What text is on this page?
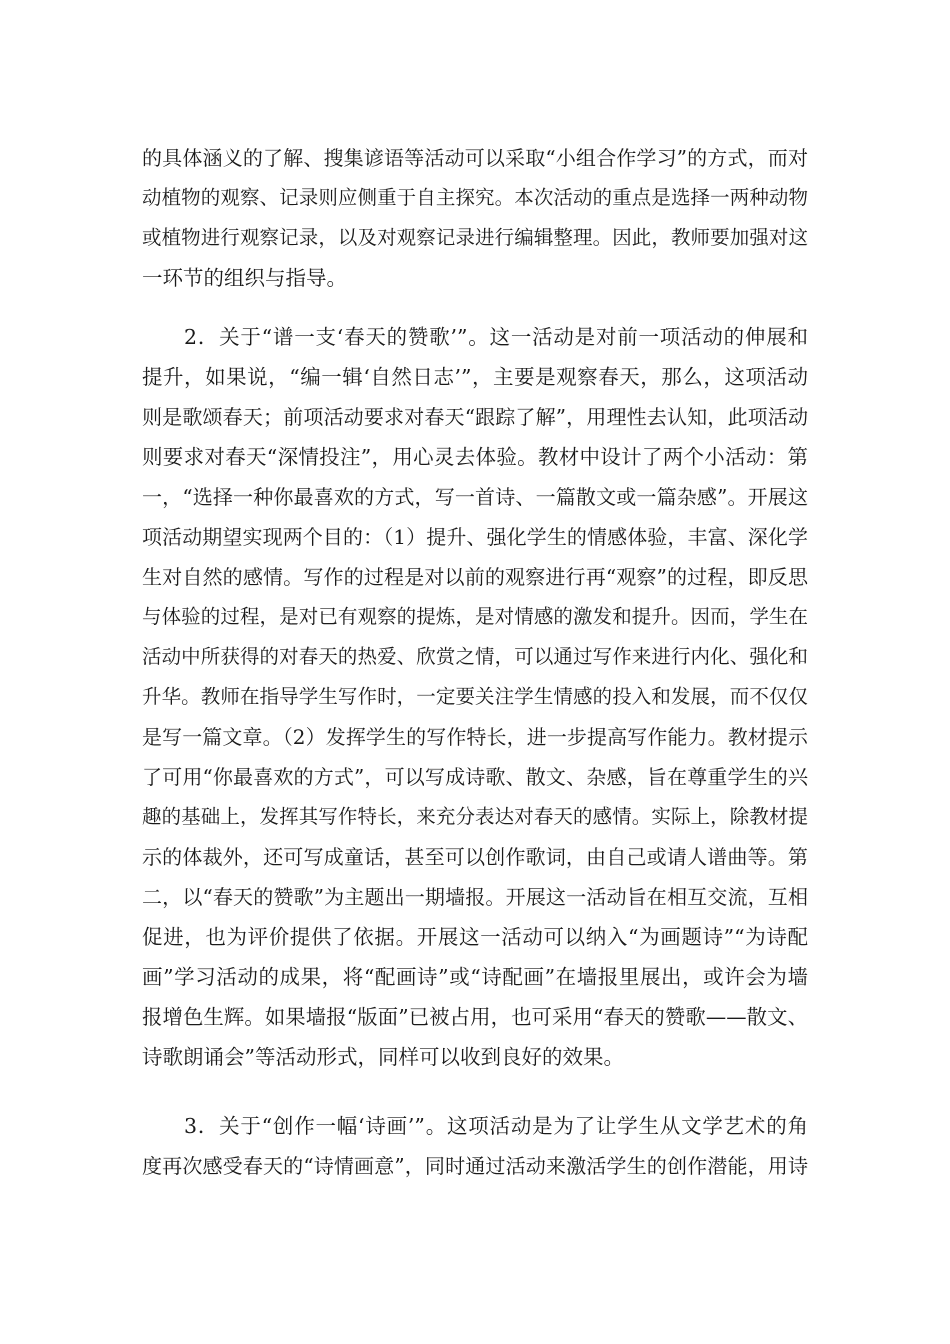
的具体涵义的了解、搜集谚语等活动可以采取“小组合作学习”的方式，而对
动植物的观察、记录则应侧重于自主探究。本次活动的重点是选择一两种动物
或植物进行观察记录，以及对观察记录进行编辑整理。因此，教师要加强对这
一环节的组织与指导。
2．关于“谱一支‘春天的赞歌’”。这一活动是对前一项活动的伸展和
提升，如果说，“编一辑‘自然日志’”，主要是观察春天，那么，这项活动
则是歌颂春天；前项活动要求对春天“跟踪了解”，用理性去认知，此项活动
则要求对春天“深情投注”，用心灵去体验。教材中设计了两个小活动：第
一，“选择一种你最喜欢的方式，写一首诗、一篇散文或一篇杂感”。开展这
项活动期望实现两个目的：（1）提升、强化学生的情感体验，丰富、深化学
生对自然的感情。写作的过程是对以前的观察进行再“观察”的过程，即反思
与体验的过程，是对已有观察的提炼，是对情感的激发和提升。因而，学生在
活动中所获得的对春天的热爱、欣赏之情，可以通过写作来进行内化、强化和
升华。教师在指导学生写作时，一定要关注学生情感的投入和发展，而不仅仅
是写一篇文章。（2）发挥学生的写作特长，进一步提高写作能力。教材提示
了可用“你最喜欢的方式”，可以写成诗歌、散文、杂感，旨在尊重学生的兴
趣的基础上，发挥其写作特长，来充分表达对春天的感情。实际上，除教材提
示的体裁外，还可写成童话，甚至可以创作歌词，由自己或请人谱曲等。第
二，以“春天的赞歌”为主题出一期墙报。开展这一活动旨在相互交流，互相
促进，也为评价提供了依据。开展这一活动可以纳入“为画题诗”“为诗配
画”学习活动的成果，将“配画诗”或“诗配画”在墙报里展出，或许会为墙
报增色生辉。如果墙报“版面”已被占用，也可采用“春天的赞歌——散文、
诗歌朗诵会”等活动形式，同样可以收到良好的效果。
3．关于“创作一幅‘诗画’”。这项活动是为了让学生从文学艺术的角
度再次感受春天的“诗情画意”，同时通过活动来激活学生的创作潜能，用诗
